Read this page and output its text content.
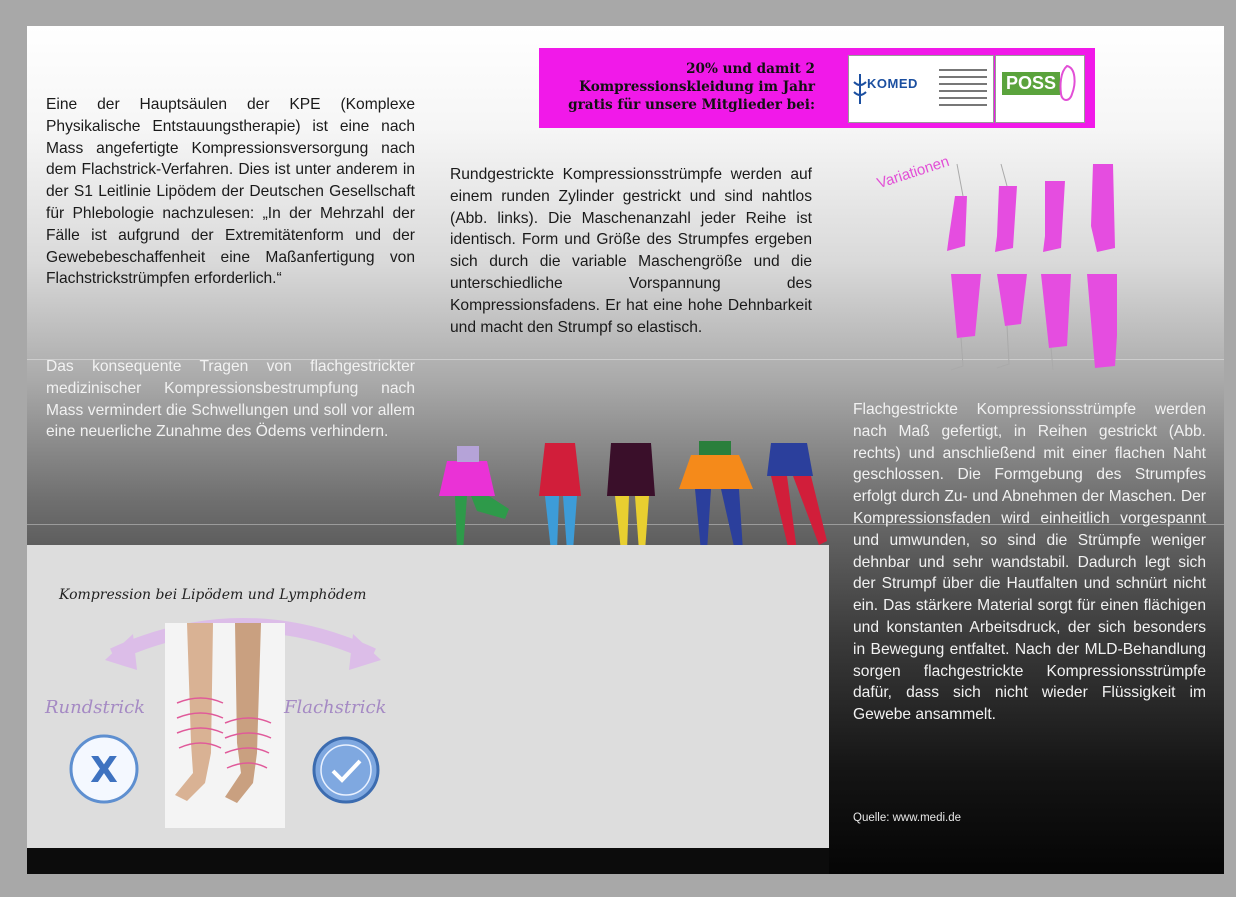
Eine der Hauptsäulen der KPE (Komplexe Physikalische Entstauungstherapie) ist eine nach Mass angefertigte Kompressionsversorgung nach dem Flachstrick-Verfahren. Dies ist unter anderem in der S1 Leitlinie Lipödem der Deutschen Gesellschaft für Phlebologie nachzulesen: „In der Mehrzahl der Fälle ist aufgrund der Extremitätenform und der Gewebebeschaffenheit eine Maßanfertigung von Flachstrickstrümpfen erforderlich.“

Das konsequente Tragen von flachgestrickter medizinischer Kompressionsbestrumpfung nach Mass vermindert die Schwellungen und soll vor allem eine neuerliche Zunahme des Ödems verhindern.

20% und damit 2 Kompressionskleidung im Jahr gratis für unsere Mitglieder bei:
KOMED	POSS

Rundgestrickte Kompressionsstrümpfe werden auf einem runden Zylinder gestrickt und sind nahtlos (Abb. links). Die Maschenanzahl jeder Reihe ist identisch. Form und Größe des Strumpfes ergeben sich durch die variable Maschengröße und die unterschiedliche Vorspannung des Kompressionsfadens. Er hat eine hohe Dehnbarkeit und macht den Strumpf so elastisch.

Variationen

Flachgestrickte Kompressionsstrümpfe werden nach Maß gefertigt, in Reihen gestrickt (Abb. rechts) und anschließend mit einer flachen Naht geschlossen. Die Formgebung des Strumpfes erfolgt durch Zu- und Abnehmen der Maschen. Der Kompressionsfaden wird einheitlich vorgespannt und umwunden, so sind die Strümpfe weniger dehnbar und sehr wandstabil. Dadurch legt sich der Strumpf über die Hautfalten und schnürt nicht ein. Das stärkere Material sorgt für einen flächigen und konstanten Arbeitsdruck, der sich besonders in Bewegung entfaltet. Nach der MLD-Behandlung sorgen flachgestrickte Kompressionsstrümpfe dafür, dass sich nicht wieder Flüssigkeit im Gewebe ansammelt.

Quelle: www.medi.de
Kompression bei Lipödem und Lymphödem
Rundstrick	Flachstrick
X
